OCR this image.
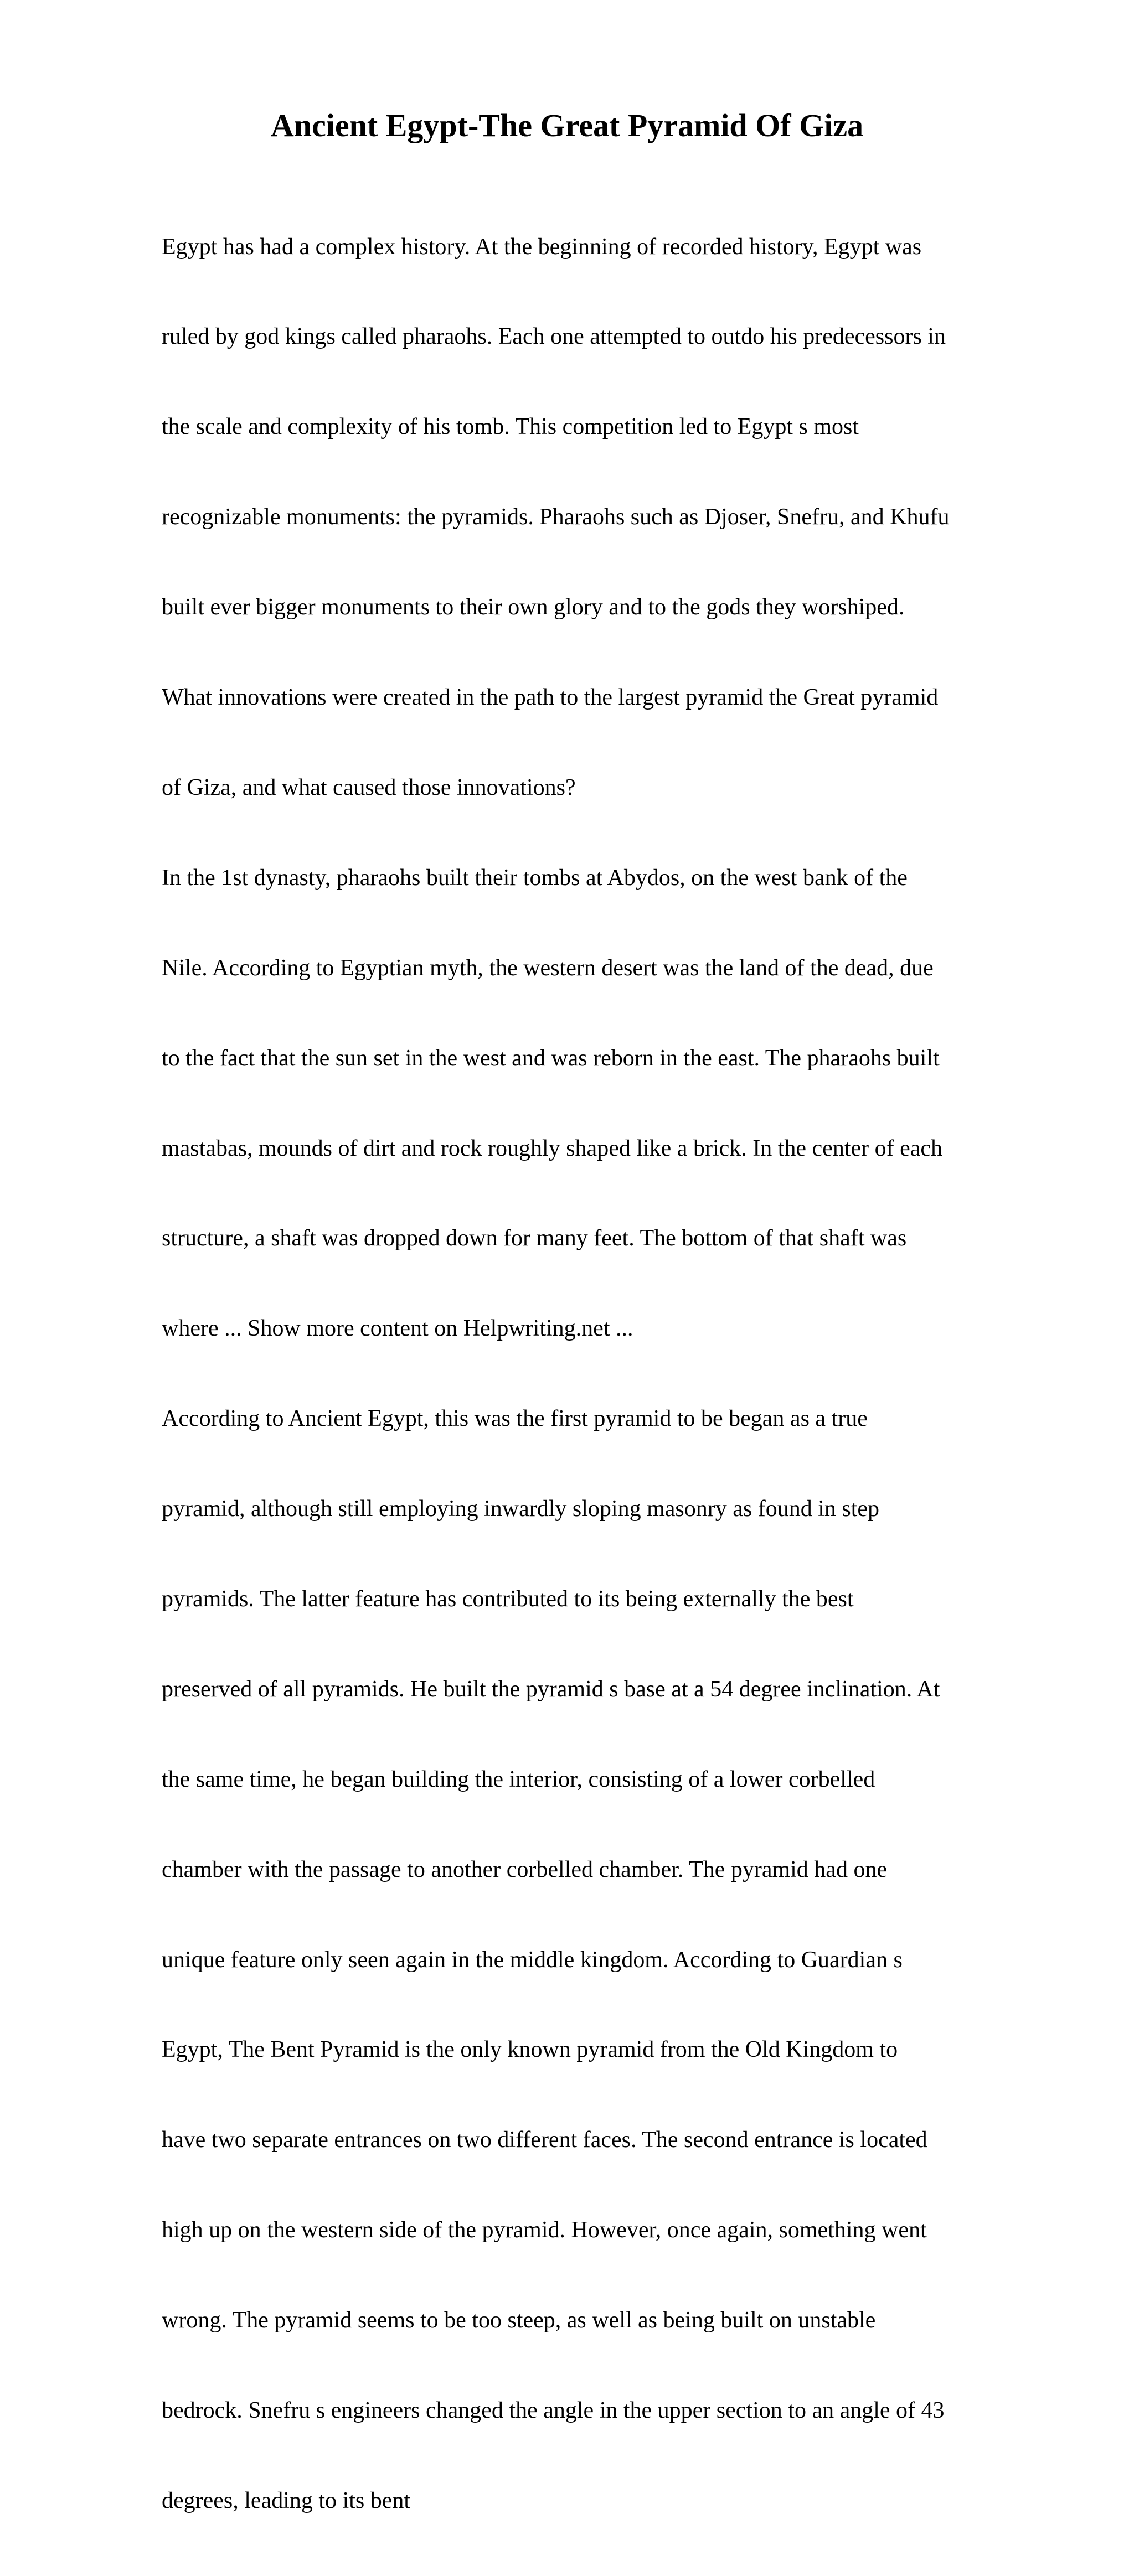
Ancient Egypt-The Great Pyramid Of Giza

Egypt has had a complex history. At the beginning of recorded history, Egypt was

ruled by god kings called pharaohs. Each one attempted to outdo his predecessors in

the scale and complexity of his tomb. This competition led to Egypt s most

recognizable monuments: the pyramids. Pharaohs such as Djoser, Snefru, and Khufu

built ever bigger monuments to their own glory and to the gods they worshiped.

What innovations were created in the path to the largest pyramid the Great pyramid

of Giza, and what caused those innovations?

In the 1st dynasty, pharaohs built their tombs at Abydos, on the west bank of the

Nile. According to Egyptian myth, the western desert was the land of the dead, due

to the fact that the sun set in the west and was reborn in the east. The pharaohs built

mastabas, mounds of dirt and rock roughly shaped like a brick. In the center of each

structure, a shaft was dropped down for many feet. The bottom of that shaft was

where ... Show more content on Helpwriting.net ...

According to Ancient Egypt, this was the first pyramid to be began as a true

pyramid, although still employing inwardly sloping masonry as found in step

pyramids. The latter feature has contributed to its being externally the best

preserved of all pyramids. He built the pyramid s base at a 54 degree inclination. At

the same time, he began building the interior, consisting of a lower corbelled

chamber with the passage to another corbelled chamber. The pyramid had one

unique feature only seen again in the middle kingdom. According to Guardian s

Egypt, The Bent Pyramid is the only known pyramid from the Old Kingdom to

have two separate entrances on two different faces. The second entrance is located

high up on the western side of the pyramid. However, once again, something went

wrong. The pyramid seems to be too steep, as well as being built on unstable

bedrock. Snefru s engineers changed the angle in the upper section to an angle of 43

degrees, leading to its bent
